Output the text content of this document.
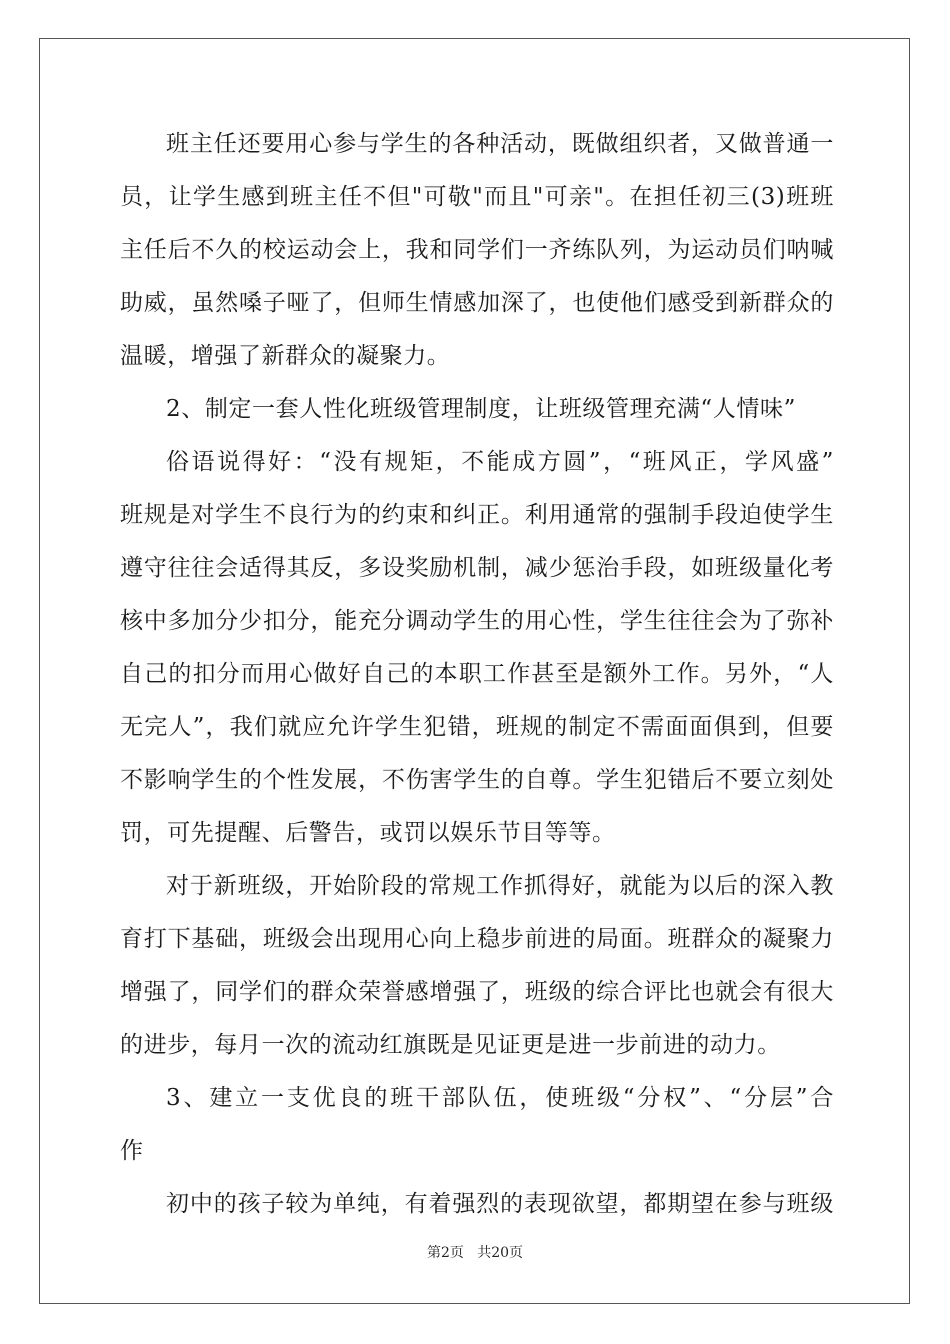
班主任还要用心参与学生的各种活动，既做组织者，又做普通一
员，让学生感到班主任不但"可敬"而且"可亲"。在担任初三(3)班班
主任后不久的校运动会上，我和同学们一齐练队列，为运动员们呐喊
助威，虽然嗓子哑了，但师生情感加深了，也使他们感受到新群众的
温暖，增强了新群众的凝聚力。
2、制定一套人性化班级管理制度，让班级管理充满“人情味”
俗语说得好：“没有规矩，不能成方圆”，“班风正，学风盛”
班规是对学生不良行为的约束和纠正。利用通常的强制手段迫使学生
遵守往往会适得其反，多设奖励机制，减少惩治手段，如班级量化考
核中多加分少扣分，能充分调动学生的用心性，学生往往会为了弥补
自己的扣分而用心做好自己的本职工作甚至是额外工作。另外，“人
无完人”，我们就应允许学生犯错，班规的制定不需面面俱到，但要
不影响学生的个性发展，不伤害学生的自尊。学生犯错后不要立刻处
罚，可先提醒、后警告，或罚以娱乐节目等等。
对于新班级，开始阶段的常规工作抓得好，就能为以后的深入教
育打下基础，班级会出现用心向上稳步前进的局面。班群众的凝聚力
增强了，同学们的群众荣誉感增强了，班级的综合评比也就会有很大
的进步，每月一次的流动红旗既是见证更是进一步前进的动力。
3、建立一支优良的班干部队伍，使班级“分权”、“分层”合
作
初中的孩子较为单纯，有着强烈的表现欲望，都期望在参与班级
第2页 共20页
